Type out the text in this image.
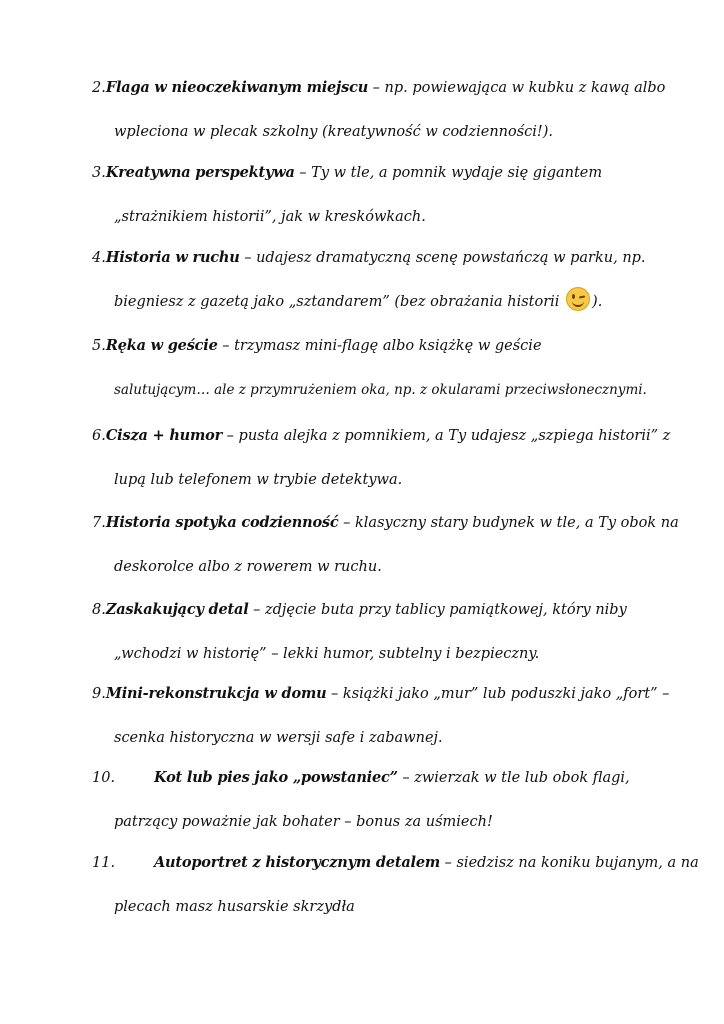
2.Flaga w nieoczekiwanym miejscu – np. powiewająca w kubku z kawą albo
wpleciona w plecak szkolny (kreatywność w codzienności!).
3.Kreatywna perspektywa – Ty w tle, a pomnik wydaje się gigantem
„strażnikiem historii”, jak w kreskówkach.
4.Historia w ruchu – udajesz dramatyczną scenę powstańczą w parku, np.
biegniesz z gazetą jako „sztandarem” (bez obrażania historii
).
5.Ręka w geście – trzymasz mini-flagę albo książkę w geście
salutującym… ale z przymrużeniem oka, np. z okularami przeciwsłonecznymi.
6.Cisza + humor – pusta alejka z pomnikiem, a Ty udajesz „szpiega historii” z
lupą lub telefonem w trybie detektywa.
7.Historia spotyka codzienność – klasyczny stary budynek w tle, a Ty obok na
deskorolce albo z rowerem w ruchu.
8.Zaskakujący detal – zdjęcie buta przy tablicy pamiątkowej, który niby
„wchodzi w historię” – lekki humor, subtelny i bezpieczny.
9.Mini-rekonstrukcja w domu – książki jako „mur” lub poduszki jako „fort” –
scenka historyczna w wersji safe i zabawnej.
10.	Kot lub pies jako „powstaniec” – zwierzak w tle lub obok flagi,
patrzący poważnie jak bohater – bonus za uśmiech!
11.	Autoportret z historycznym detalem – siedzisz na koniku bujanym, a na
plecach masz husarskie skrzydła
